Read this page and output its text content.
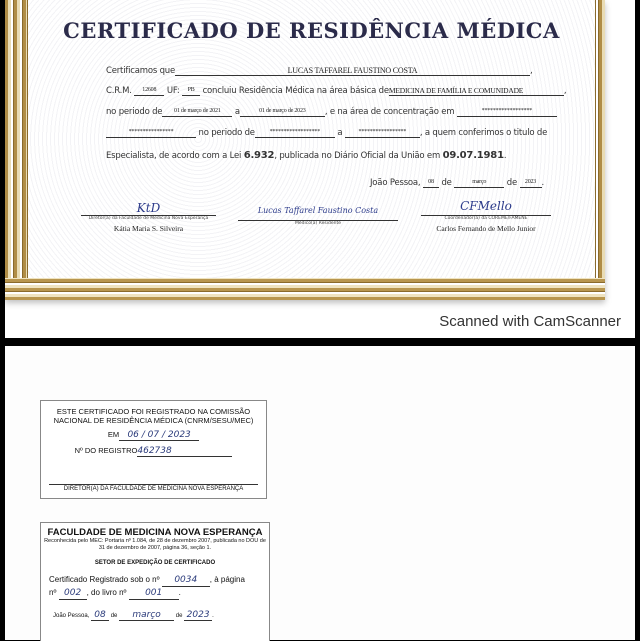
CERTIFICADO DE RESIDÊNCIA MÉDICA
Certificamos que	LUCAS TAFFAREL FAUSTINO COSTA	,
C.R.M. 12608 UF: PB concluiu Residência Médica na área básica deMEDICINA DE FAMÍLIA E COMUNIDADE	,
no periodo de 01 de março de 2021 a	01 de março de 2023 , e na área de concentração em	******************
****************	no periodo de ****************** a	***************** , a quem conferimos o titulo de
Especialista, de acordo com a Lei 6.932, publicada no Diário Oficial da União em 09.07.1981.
João Pessoa, 08 de	março de 2023 .
KtD
Diretor(a) da Faculdade de Medicina Nova Esperança
Kátia Maria S. Silveira
Lucas Taffarel Faustino Costa
Médico(a) Residente
CFMello
Coordenador(a) da COREME/FAMENE
Carlos Fernando de Mello Junior
Scanned with CamScanner
ESTE CERTIFICADO FOI REGISTRADO NA COMISSÃO NACIONAL DE RESIDÊNCIA MÉDICA (CNRM/SESU/MEC)
EM 06 / 07 / 2023
Nº DO REGISTRO462738
DIRETOR(A) DA FACULDADE DE MEDICINA NOVA ESPERANÇA
FACULDADE DE MEDICINA NOVA ESPERANÇA
Reconhecida pelo MEC: Portaria nº 1.084, de 28 de dezembro 2007, publicada no DOU de 31 de dezembro de 2007, página 36, seção 1.
SETOR DE EXPEDIÇÃO DE CERTIFICADO
Certificado Registrado sob o nº 0034 , à página
nº 002 , do livro nº 001 .
João Pessoa, 08 de março de 2023 .
